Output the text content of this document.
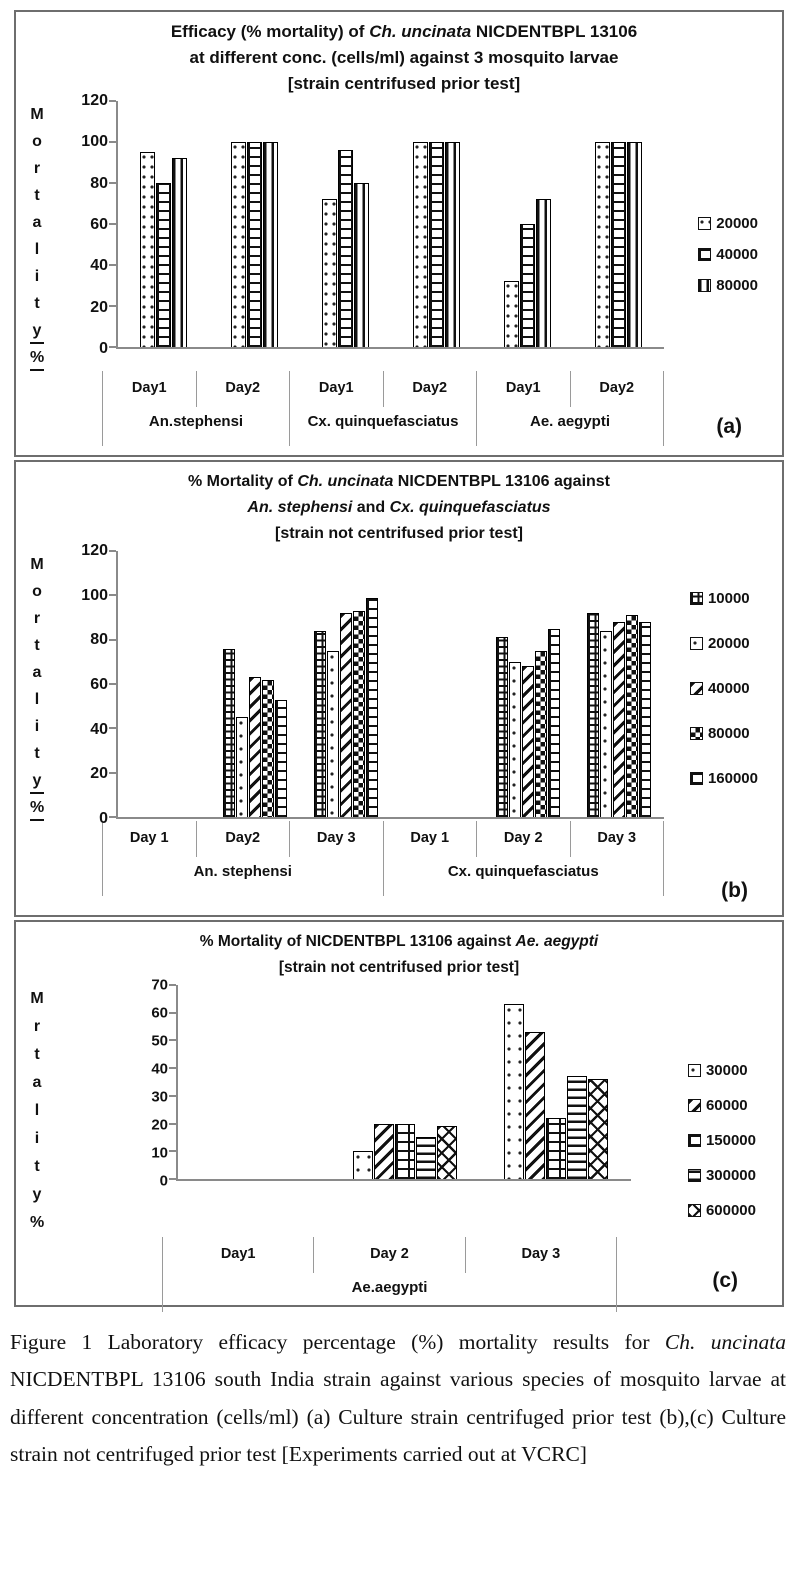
Efficacy (% mortality) of Ch. uncinata NICDENTBPL 13106
at different conc. (cells/ml) against 3 mosquito larvae
[strain centrifused prior test]
M
o
r
t
a
l
i
t
y
%
120
100
80
60
40
20
0
Day1	Day2	Day1	Day2	Day1	Day2
An.stephensi	Cx. quinquefasciatus	Ae. aegypti
20000
40000
80000
(a)
% Mortality of Ch. uncinata NICDENTBPL 13106 against
An. stephensi and Cx. quinquefasciatus
[strain not centrifused prior test]
M
o
r
t
a
l
i
t
y
%
120
100
80
60
40
20
0
Day 1	Day2	Day 3	Day 1	Day 2	Day 3
An. stephensi	Cx. quinquefasciatus
10000
20000
40000
80000
160000
(b)
% Mortality of NICDENTBPL 13106 against Ae. aegypti
[strain not centrifused prior test]
M
r
t
a
l
i
t
y
%
70
60
50
40
30
20
10
0
Day1	Day 2	Day 3
Ae.aegypti
30000
60000
150000
300000
600000
(c)
Figure 1 Laboratory efficacy percentage (%) mortality results for Ch. uncinata NICDENTBPL 13106 south India strain against various species of mosquito larvae at different concentration (cells/ml) (a) Culture strain centrifuged prior test (b),(c) Culture strain not centrifuged prior test [Experiments carried out at VCRC]
